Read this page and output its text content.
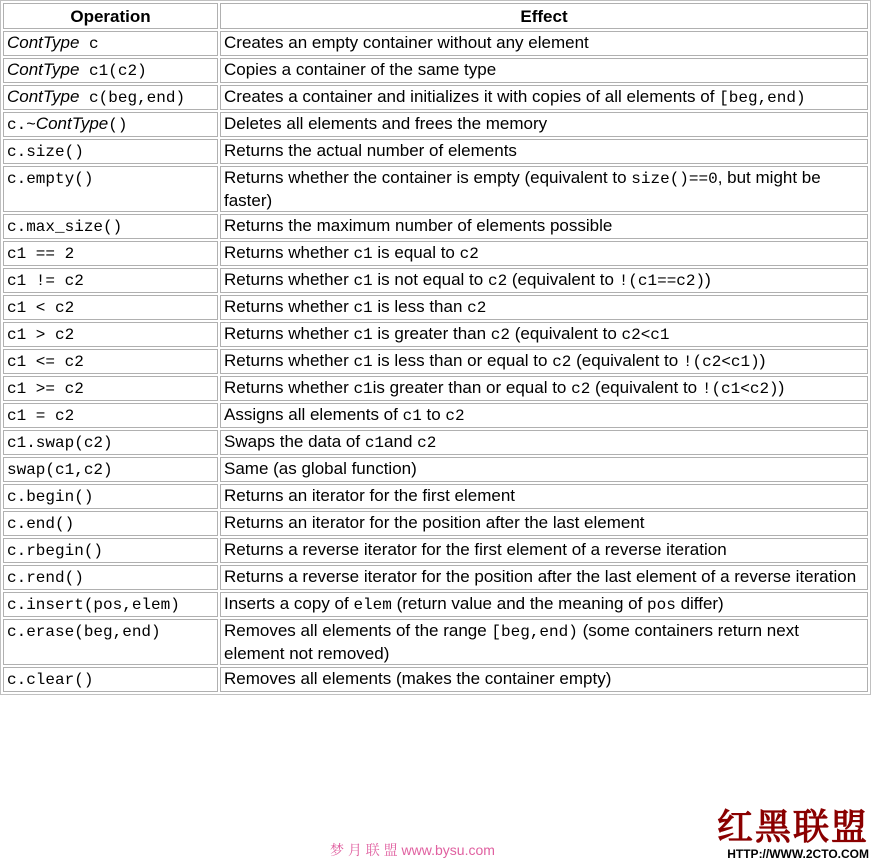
Operation	Effect
ContType c	Creates an empty container without any element
ContType c1(c2)	Copies a container of the same type
ContType c(beg,end)	Creates a container and initializes it with copies of all elements of [beg,end)
c.~ContType()	Deletes all elements and frees the memory
c.size()	Returns the actual number of elements
c.empty()	Returns whether the container is empty (equivalent to size()==0, but might be faster)
c.max_size()	Returns the maximum number of elements possible
c1 == 2	Returns whether c1 is equal to c2
c1 != c2	Returns whether c1 is not equal to c2 (equivalent to !(c1==c2))
c1 < c2	Returns whether c1 is less than c2
c1 > c2	Returns whether c1 is greater than c2 (equivalent to c2<c1
c1 <= c2	Returns whether c1 is less than or equal to c2 (equivalent to !(c2<c1))
c1 >= c2	Returns whether c1is greater than or equal to c2 (equivalent to !(c1<c2))
c1 = c2	Assigns all elements of c1 to c2
c1.swap(c2)	Swaps the data of c1and c2
swap(c1,c2)	Same (as global function)
c.begin()	Returns an iterator for the first element
c.end()	Returns an iterator for the position after the last element
c.rbegin()	Returns a reverse iterator for the first element of a reverse iteration
c.rend()	Returns a reverse iterator for the position after the last element of a reverse iteration
c.insert(pos,elem)	Inserts a copy of elem (return value and the meaning of pos differ)
c.erase(beg,end)	Removes all elements of the range [beg,end) (some containers return next element not removed)
c.clear()	Removes all elements (makes the container empty)
梦 月 联 盟 www.bysu.com
红黑联盟
HTTP://WWW.2CTO.COM
